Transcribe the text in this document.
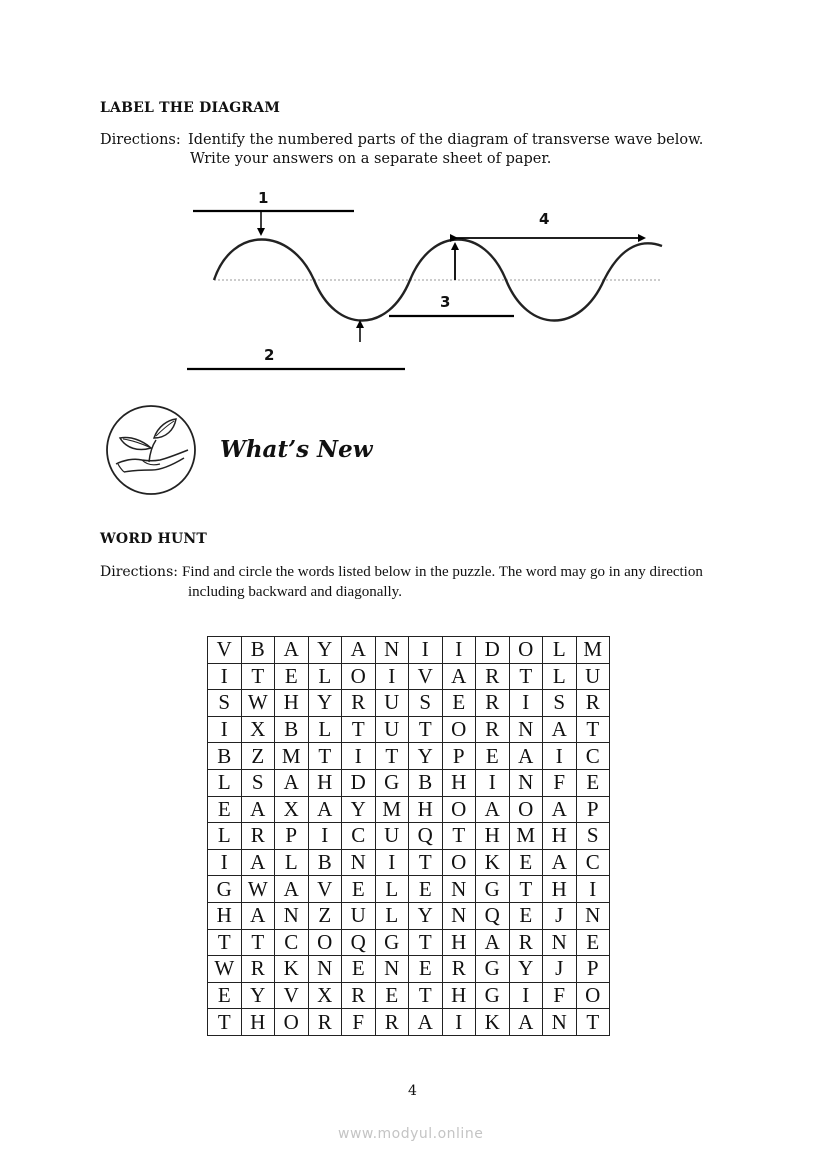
LABEL THE DIAGRAM
Directions: Identify the numbered parts of the diagram of transverse wave below.
Write your answers on a separate sheet of paper.
1
2
3
4
What’s New
WORD HUNT
Directions: Find and circle the words listed below in the puzzle. The word may go in any direction
including backward and diagonally.
V	B	A	Y	A	N	I	I	D	O	L	M
I	T	E	L	O	I	V	A	R	T	L	U
S	W	H	Y	R	U	S	E	R	I	S	R
I	X	B	L	T	U	T	O	R	N	A	T
B	Z	M	T	I	T	Y	P	E	A	I	C
L	S	A	H	D	G	B	H	I	N	F	E
E	A	X	A	Y	M	H	O	A	O	A	P
L	R	P	I	C	U	Q	T	H	M	H	S
I	A	L	B	N	I	T	O	K	E	A	C
G	W	A	V	E	L	E	N	G	T	H	I
H	A	N	Z	U	L	Y	N	Q	E	J	N
T	T	C	O	Q	G	T	H	A	R	N	E
W	R	K	N	E	N	E	R	G	Y	J	P
E	Y	V	X	R	E	T	H	G	I	F	O
T	H	O	R	F	R	A	I	K	A	N	T
4
www.modyul.online
